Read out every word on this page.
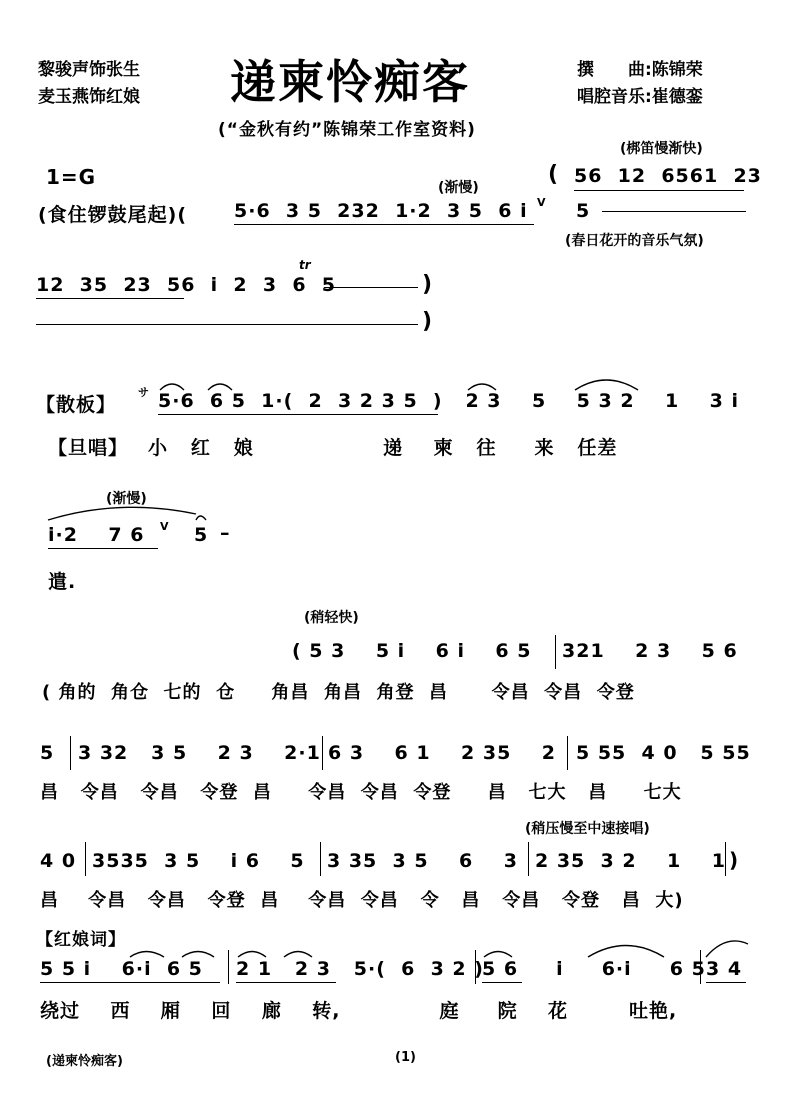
黎骏声饰张生
麦玉燕饰红娘 递柬怜痴客	撰　　曲:陈锦荣
唱腔音乐:崔德銮
(“金秋有约”陈锦荣工作室资料)
1=G	(渐慢)
(梆笛慢渐快)
( 56  12  6561  23
5
(春日花开的音乐气氛)
(食住锣鼓尾起)( 5·6  3 5  232  1·2  3 5  6 i V
12  35  23  56  i  2  3  6  5
tr
)
)
【散板】
サ 5·6  6 5  1·(  2  3 2 3 5  )   2 3    5    5 3 2    1    3 i
【旦唱】 小   红   娘                 递    柬   往     来   任差
(渐慢)
i·2    7 6 V 5 –
遣.
(稍轻快)
( 5 3    5 i    6 i    6 5 321    2 3    5 6
( 角的  角仓  七的  仓     角昌  角昌  角登  昌      令昌  令昌  令登
5 3 32   3 5    2 3    2·1 6 3    6 1    2 35    2 5 55  4 0   5 55
昌   令昌   令昌   令登  昌     令昌  令昌  令登     昌   七大   昌     七大
(稍压慢至中速接唱)
4 0 3535  3 5    i 6    5 3 35  3 5    6    3 2 35  3 2    1    1 )
昌    令昌   令昌   令登  昌    令昌  令昌   令   昌   令昌   令登   昌  大)
【红娘词】
5 5 i    6·i  6 5 2 1   2 3   5·(  6  3 2 )
5 6     i     6·i     6 5 3 4
绕过    西    厢    回    廊    转,             庭     院    花        吐艳,
(递柬怜痴客)	(1)
